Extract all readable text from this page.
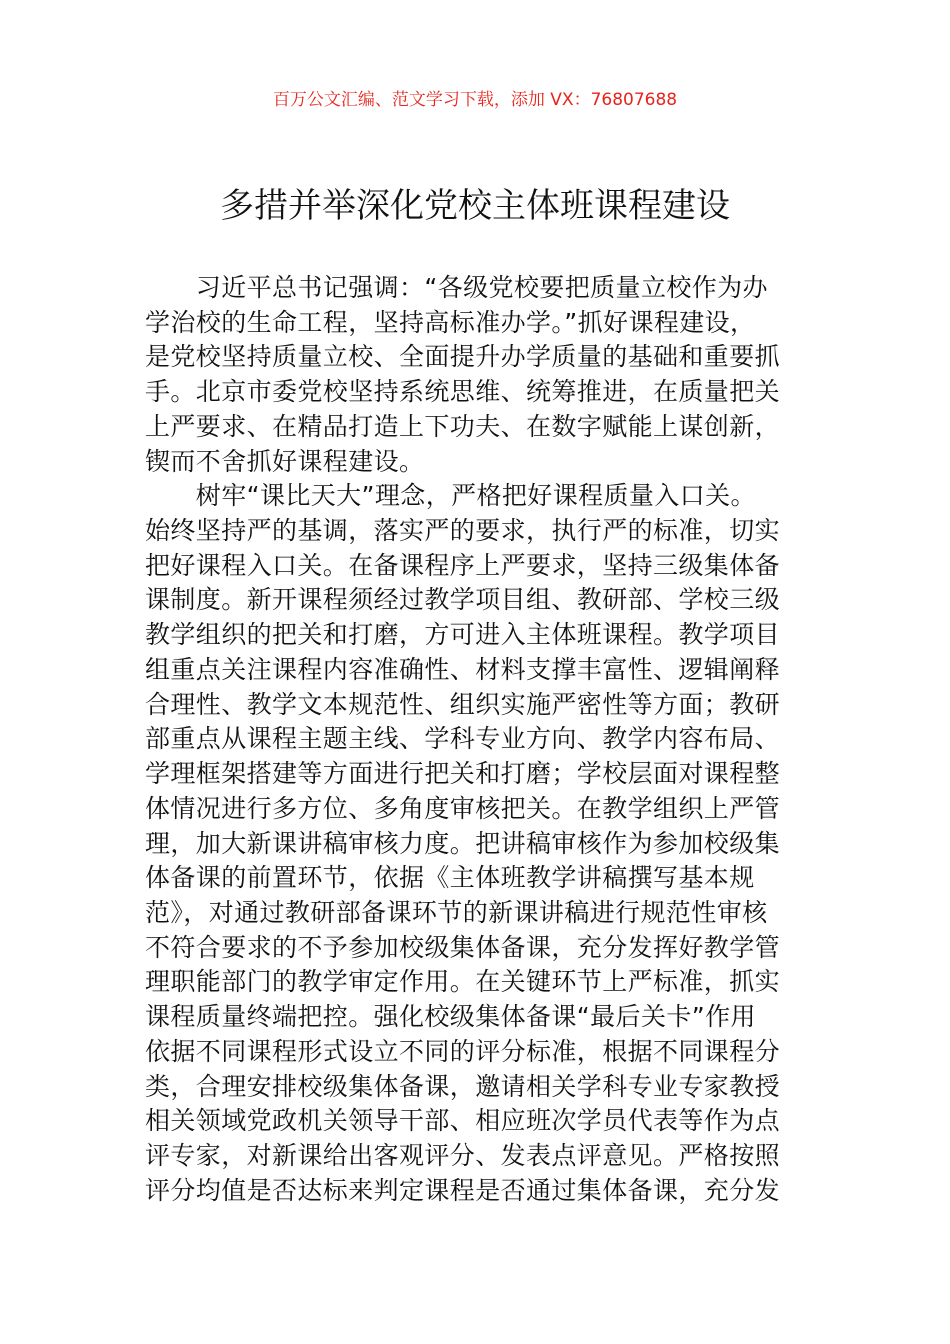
百万公文汇编、范文学习下载，添加 VX：76807688
多措并举深化党校主体班课程建设
　　习近平总书记强调：“各级党校要把质量立校作为办
学治校的生命工程，坚持高标准办学。”抓好课程建设，
是党校坚持质量立校、全面提升办学质量的基础和重要抓
手。北京市委党校坚持系统思维、统筹推进，在质量把关
上严要求、在精品打造上下功夫、在数字赋能上谋创新，
锲而不舍抓好课程建设。
　　树牢“课比天大”理念，严格把好课程质量入口关。
始终坚持严的基调，落实严的要求，执行严的标准，切实
把好课程入口关。在备课程序上严要求，坚持三级集体备
课制度。新开课程须经过教学项目组、教研部、学校三级
教学组织的把关和打磨，方可进入主体班课程。教学项目
组重点关注课程内容准确性、材料支撑丰富性、逻辑阐释
合理性、教学文本规范性、组织实施严密性等方面；教研
部重点从课程主题主线、学科专业方向、教学内容布局、
学理框架搭建等方面进行把关和打磨；学校层面对课程整
体情况进行多方位、多角度审核把关。在教学组织上严管
理，加大新课讲稿审核力度。把讲稿审核作为参加校级集
体备课的前置环节，依据《主体班教学讲稿撰写基本规
范》，对通过教研部备课环节的新课讲稿进行规范性审核
不符合要求的不予参加校级集体备课，充分发挥好教学管
理职能部门的教学审定作用。在关键环节上严标准，抓实
课程质量终端把控。强化校级集体备课“最后关卡”作用
依据不同课程形式设立不同的评分标准，根据不同课程分
类，合理安排校级集体备课，邀请相关学科专业专家教授
相关领域党政机关领导干部、相应班次学员代表等作为点
评专家，对新课给出客观评分、发表点评意见。严格按照
评分均值是否达标来判定课程是否通过集体备课，充分发
